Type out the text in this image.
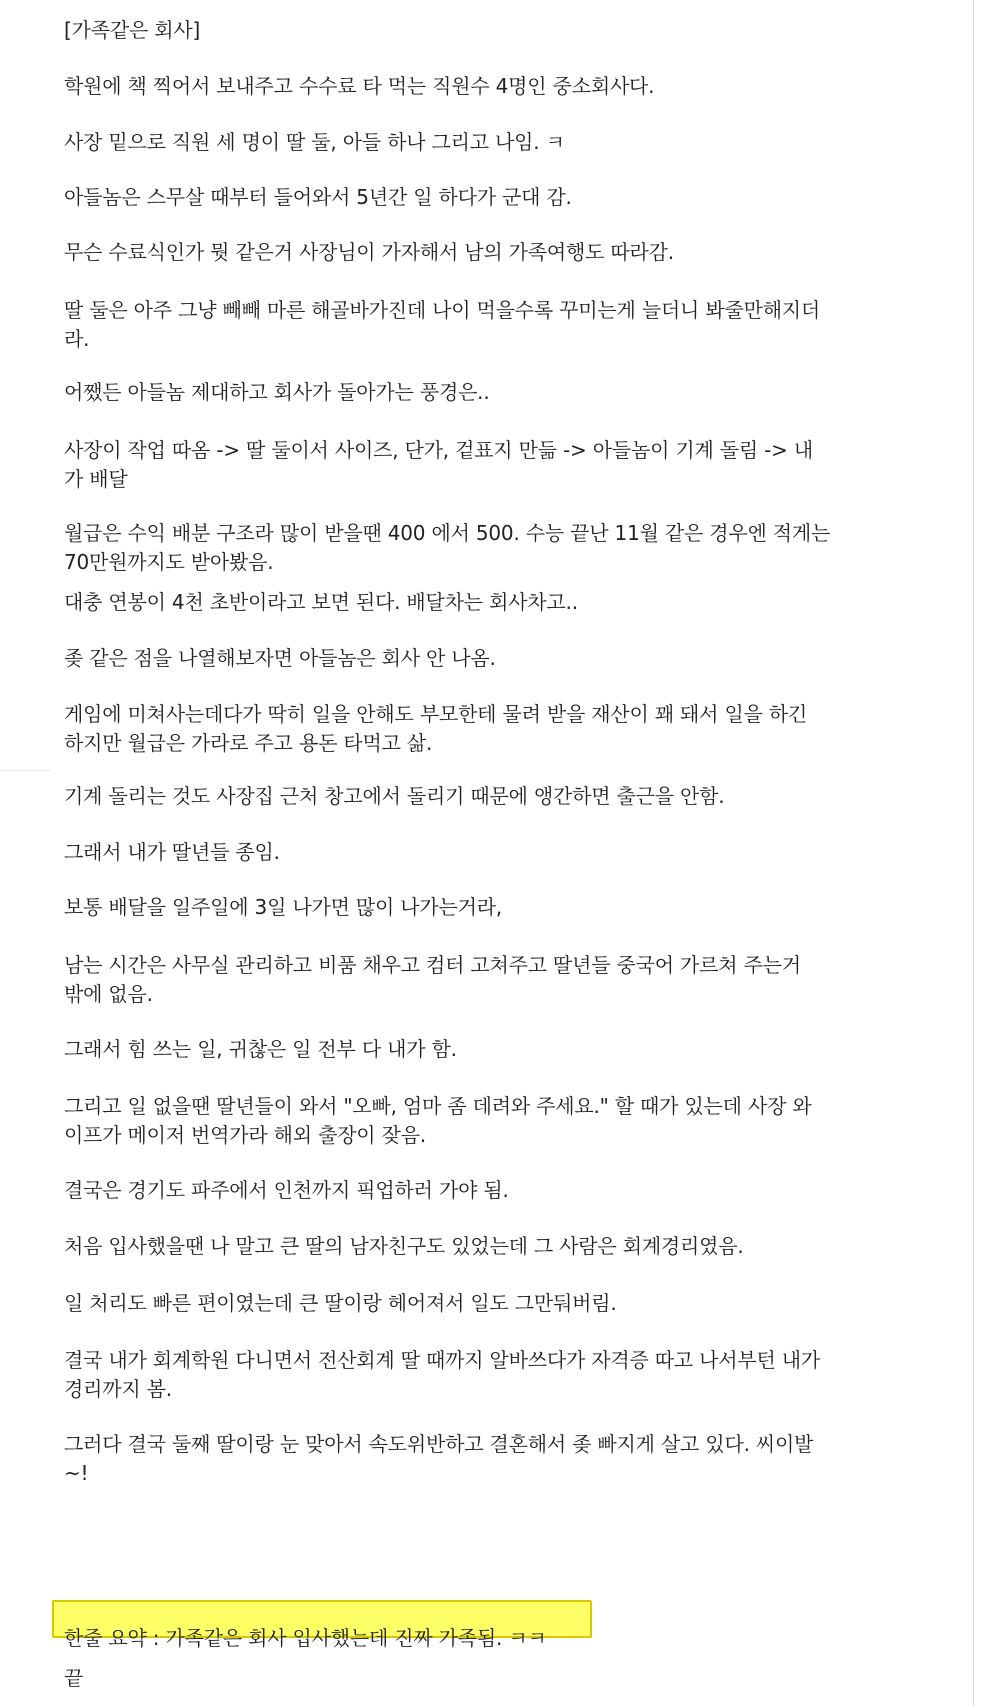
[가족같은 회사]

학원에 책 찍어서 보내주고 수수료 타 먹는 직원수 4명인 중소회사다.

사장 밑으로 직원 세 명이 딸 둘, 아들 하나 그리고 나임. ㅋ

아들놈은 스무살 때부터 들어와서 5년간 일 하다가 군대 감.

무슨 수료식인가 뭣 같은거 사장님이 가자해서 남의 가족여행도 따라감.

딸 둘은 아주 그냥 빼빼 마른 해골바가진데 나이 먹을수록 꾸미는게 늘더니 봐줄만해지더
라.

어쨌든 아들놈 제대하고 회사가 돌아가는 풍경은..

사장이 작업 따옴 -> 딸 둘이서 사이즈, 단가, 겉표지 만듦 -> 아들놈이 기계 돌림 -> 내
가 배달

월급은 수익 배분 구조라 많이 받을땐 400 에서 500. 수능 끝난 11월 같은 경우엔 적게는
70만원까지도 받아봤음.

대충 연봉이 4천 초반이라고 보면 된다. 배달차는 회사차고..

좆 같은 점을 나열해보자면 아들놈은 회사 안 나옴.

게임에 미쳐사는데다가 딱히 일을 안해도 부모한테 물려 받을 재산이 꽤 돼서 일을 하긴
하지만 월급은 가라로 주고 용돈 타먹고 삶.

기계 돌리는 것도 사장집 근처 창고에서 돌리기 때문에 앵간하면 출근을 안함.

그래서 내가 딸년들 종임.

보통 배달을 일주일에 3일 나가면 많이 나가는거라,

남는 시간은 사무실 관리하고 비품 채우고 컴터 고쳐주고 딸년들 중국어 가르쳐 주는거
밖에 없음.

그래서 힘 쓰는 일, 귀찮은 일 전부 다 내가 함.

그리고 일 없을땐 딸년들이 와서 "오빠, 엄마 좀 데려와 주세요." 할 때가 있는데 사장 와
이프가 메이저 번역가라 해외 출장이 잦음.

결국은 경기도 파주에서 인천까지 픽업하러 가야 됨.

처음 입사했을땐 나 말고 큰 딸의 남자친구도 있었는데 그 사람은 회계경리였음.

일 처리도 빠른 편이였는데 큰 딸이랑 헤어져서 일도 그만둬버림.

결국 내가 회계학원 다니면서 전산회계 딸 때까지 알바쓰다가 자격증 따고 나서부턴 내가
경리까지 봄.

그러다 결국 둘째 딸이랑 눈 맞아서 속도위반하고 결혼해서 좆 빠지게 살고 있다. 씨이발
~!

한줄 요약 : 가족같은 회사 입사했는데 진짜 가족됨. ㅋㅋ

끝
